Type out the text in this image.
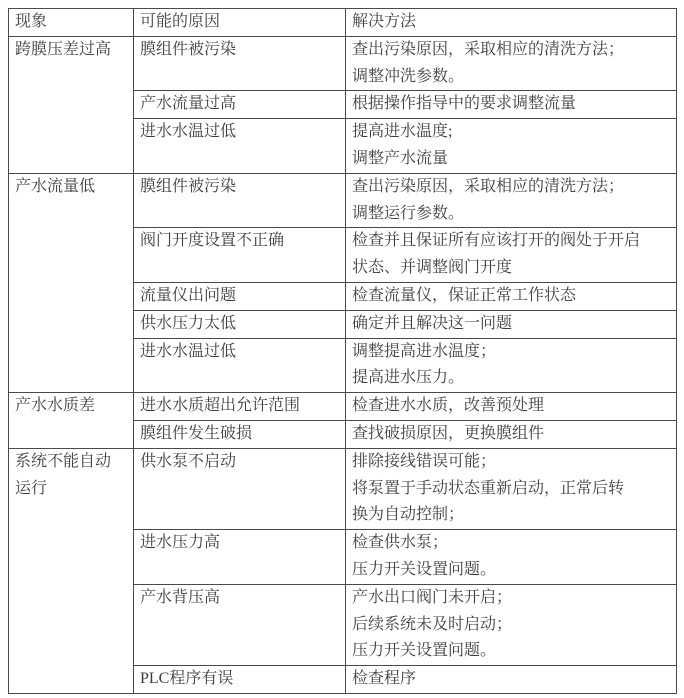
现象	可能的原因	解决方法

跨膜压差过高	膜组件被污染	查出污染原因，采取相应的清洗方法；
调整冲洗参数。

	产水流量过高	根据操作指导中的要求调整流量

	进水水温过低	提高进水温度;
调整产水流量

产水流量低	膜组件被污染	查出污染原因，采取相应的清洗方法；
调整运行参数。

	阀门开度设置不正确	检查并且保证所有应该打开的阀处于开启
状态、并调整阀门开度

	流量仪出问题	检查流量仪，保证正常工作状态

	供水压力太低	确定并且解决这一问题

	进水水温过低	调整提高进水温度；
提高进水压力。

产水水质差	进水水质超出允许范围	检查进水水质，改善预处理

	膜组件发生破损	查找破损原因，更换膜组件

系统不能自动
运行	供水泵不启动	排除接线错误可能；
将泵置于手动状态重新启动，正常后转
换为自动控制；

	进水压力高	检查供水泵；
压力开关设置问题。

	产水背压高	产水出口阀门未开启；
后续系统未及时启动；
压力开关设置问题。

	PLC程序有误	检查程序
